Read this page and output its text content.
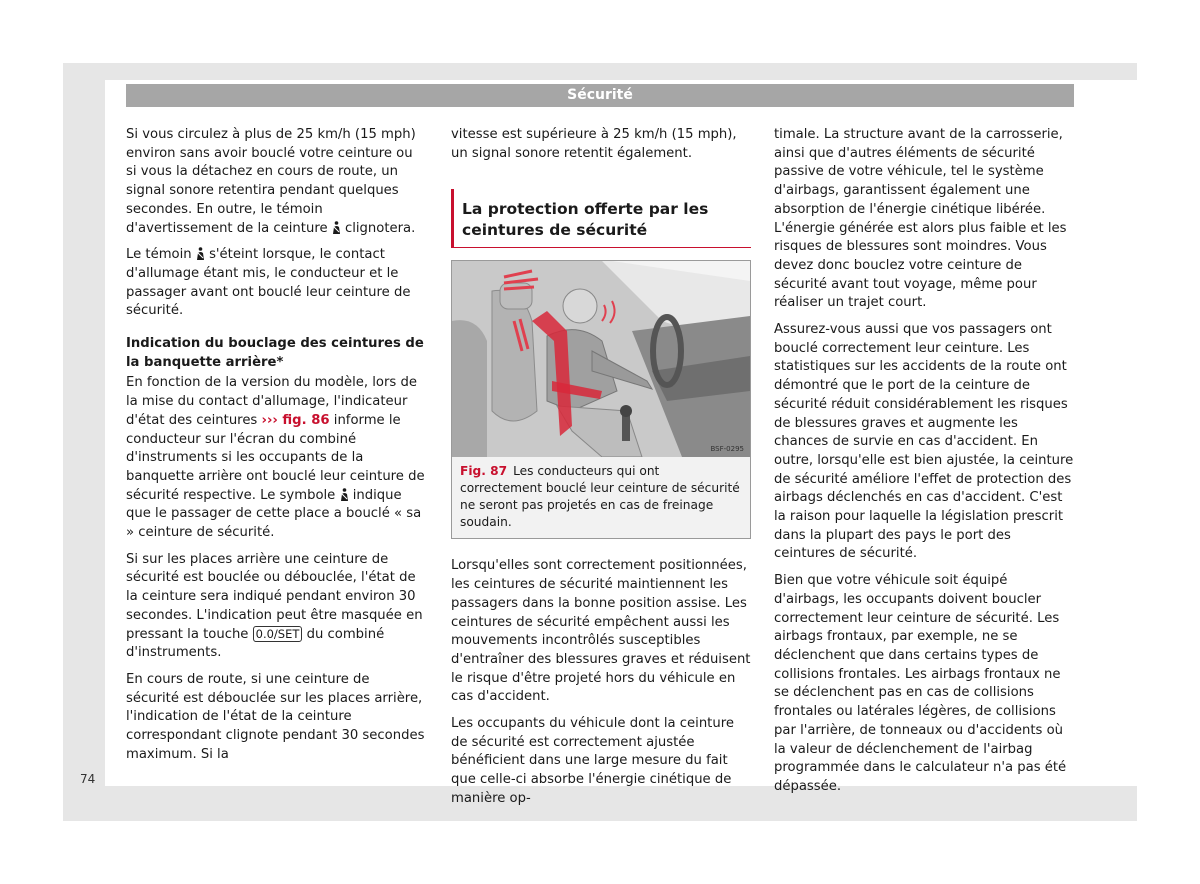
Sécurité

Si vous circulez à plus de 25 km/h (15 mph) environ sans avoir bouclé votre ceinture ou si vous la détachez en cours de route, un signal sonore retentira pendant quelques secondes. En outre, le témoin d'avertissement de la ceinture clignotera.

Le témoin s'éteint lorsque, le contact d'allumage étant mis, le conducteur et le passager avant ont bouclé leur ceinture de sécurité.

Indication du bouclage des ceintures de la banquette arrière*

En fonction de la version du modèle, lors de la mise du contact d'allumage, l'indicateur d'état des ceintures ››› fig. 86 informe le conducteur sur l'écran du combiné d'instruments si les occupants de la banquette arrière ont bouclé leur ceinture de sécurité respective. Le symbole indique que le passager de cette place a bouclé « sa » ceinture de sécurité.

Si sur les places arrière une ceinture de sécurité est bouclée ou débouclée, l'état de la ceinture sera indiqué pendant environ 30 secondes. L'indication peut être masquée en pressant la touche 0.0/SET du combiné d'instruments.

En cours de route, si une ceinture de sécurité est débouclée sur les places arrière, l'indication de l'état de la ceinture correspondant clignote pendant 30 secondes maximum. Si la

vitesse est supérieure à 25 km/h (15 mph), un signal sonore retentit également.

La protection offerte par les ceintures de sécurité
BSF-0295
Fig. 87 Les conducteurs qui ont correctement bouclé leur ceinture de sécurité ne seront pas projetés en cas de freinage soudain.

Lorsqu'elles sont correctement positionnées, les ceintures de sécurité maintiennent les passagers dans la bonne position assise. Les ceintures de sécurité empêchent aussi les mouvements incontrôlés susceptibles d'entraîner des blessures graves et réduisent le risque d'être projeté hors du véhicule en cas d'accident.

Les occupants du véhicule dont la ceinture de sécurité est correctement ajustée bénéficient dans une large mesure du fait que celle-ci absorbe l'énergie cinétique de manière op-

timale. La structure avant de la carrosserie, ainsi que d'autres éléments de sécurité passive de votre véhicule, tel le système d'airbags, garantissent également une absorption de l'énergie cinétique libérée. L'énergie générée est alors plus faible et les risques de blessures sont moindres. Vous devez donc bouclez votre ceinture de sécurité avant tout voyage, même pour réaliser un trajet court.

Assurez-vous aussi que vos passagers ont bouclé correctement leur ceinture. Les statistiques sur les accidents de la route ont démontré que le port de la ceinture de sécurité réduit considérablement les risques de blessures graves et augmente les chances de survie en cas d'accident. En outre, lorsqu'elle est bien ajustée, la ceinture de sécurité améliore l'effet de protection des airbags déclenchés en cas d'accident. C'est la raison pour laquelle la législation prescrit dans la plupart des pays le port des ceintures de sécurité.

Bien que votre véhicule soit équipé d'airbags, les occupants doivent boucler correctement leur ceinture de sécurité. Les airbags frontaux, par exemple, ne se déclenchent que dans certains types de collisions frontales. Les airbags frontaux ne se déclenchent pas en cas de collisions frontales ou latérales légères, de collisions par l'arrière, de tonneaux ou d'accidents où la valeur de déclenchement de l'airbag programmée dans le calculateur n'a pas été dépassée.

74
